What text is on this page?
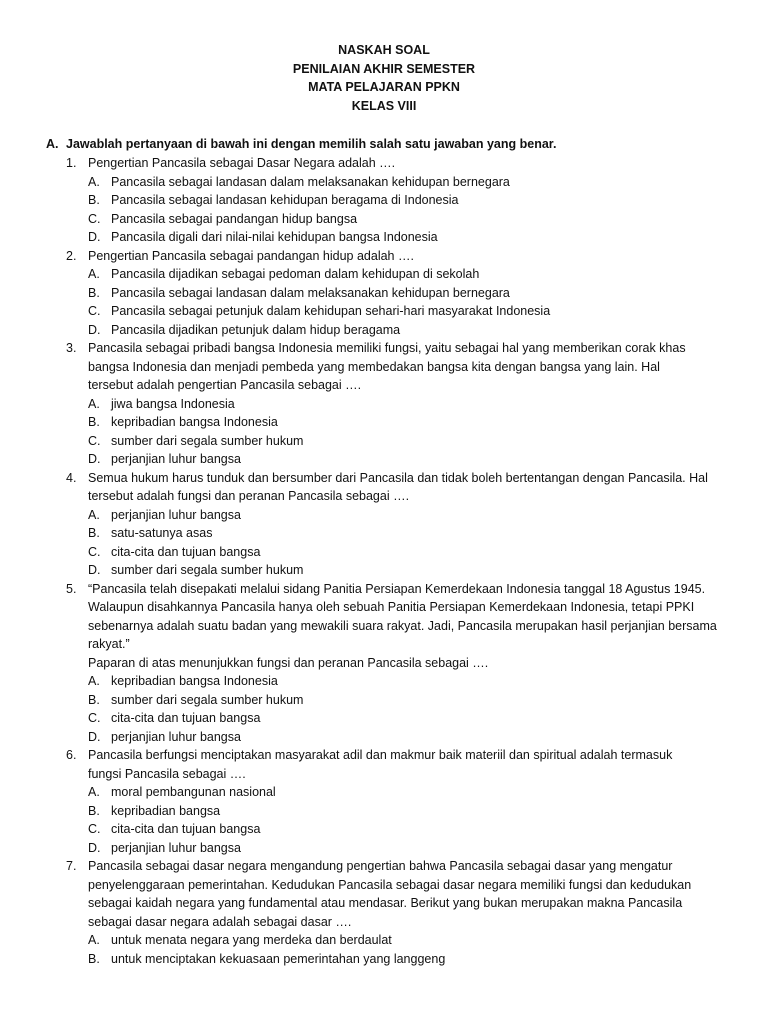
NASKAH SOAL
PENILAIAN AKHIR SEMESTER
MATA PELAJARAN PPKN
KELAS VIII
A. Jawablah pertanyaan di bawah ini dengan memilih salah satu jawaban yang benar.
1. Pengertian Pancasila sebagai Dasar Negara adalah ….
A. Pancasila sebagai landasan dalam melaksanakan kehidupan bernegara
B. Pancasila sebagai landasan kehidupan beragama di Indonesia
C. Pancasila sebagai pandangan hidup bangsa
D. Pancasila digali dari nilai-nilai kehidupan bangsa Indonesia
2. Pengertian Pancasila sebagai pandangan hidup adalah ….
A. Pancasila dijadikan sebagai pedoman dalam kehidupan di sekolah
B. Pancasila sebagai landasan dalam melaksanakan kehidupan bernegara
C. Pancasila sebagai petunjuk dalam kehidupan sehari-hari masyarakat Indonesia
D. Pancasila dijadikan petunjuk dalam hidup beragama
3. Pancasila sebagai pribadi bangsa Indonesia memiliki fungsi, yaitu sebagai hal yang memberikan corak khas
bangsa Indonesia dan menjadi pembeda yang membedakan bangsa kita dengan bangsa yang lain. Hal
tersebut adalah pengertian Pancasila sebagai ….
A. jiwa bangsa Indonesia
B. kepribadian bangsa Indonesia
C. sumber dari segala sumber hukum
D. perjanjian luhur bangsa
4. Semua hukum harus tunduk dan bersumber dari Pancasila dan tidak boleh bertentangan dengan Pancasila. Hal
tersebut adalah fungsi dan peranan Pancasila sebagai ….
A. perjanjian luhur bangsa
B. satu-satunya asas
C. cita-cita dan tujuan bangsa
D. sumber dari segala sumber hukum
5. “Pancasila telah disepakati melalui sidang Panitia Persiapan Kemerdekaan Indonesia tanggal 18 Agustus 1945.
Walaupun disahkannya Pancasila hanya oleh sebuah Panitia Persiapan Kemerdekaan Indonesia, tetapi PPKI
sebenarnya adalah suatu badan yang mewakili suara rakyat. Jadi, Pancasila merupakan hasil perjanjian bersama
rakyat.”
Paparan di atas menunjukkan fungsi dan peranan Pancasila sebagai ….
A. kepribadian bangsa Indonesia
B. sumber dari segala sumber hukum
C. cita-cita dan tujuan bangsa
D. perjanjian luhur bangsa
6. Pancasila berfungsi menciptakan masyarakat adil dan makmur baik materiil dan spiritual adalah termasuk
fungsi Pancasila sebagai ….
A. moral pembangunan nasional
B. kepribadian bangsa
C. cita-cita dan tujuan bangsa
D. perjanjian luhur bangsa
7. Pancasila sebagai dasar negara mengandung pengertian bahwa Pancasila sebagai dasar yang mengatur
penyelenggaraan pemerintahan. Kedudukan Pancasila sebagai dasar negara memiliki fungsi dan kedudukan
sebagai kaidah negara yang fundamental atau mendasar. Berikut yang bukan merupakan makna Pancasila
sebagai dasar negara adalah sebagai dasar ….
A. untuk menata negara yang merdeka dan berdaulat
B. untuk menciptakan kekuasaan pemerintahan yang langgeng
